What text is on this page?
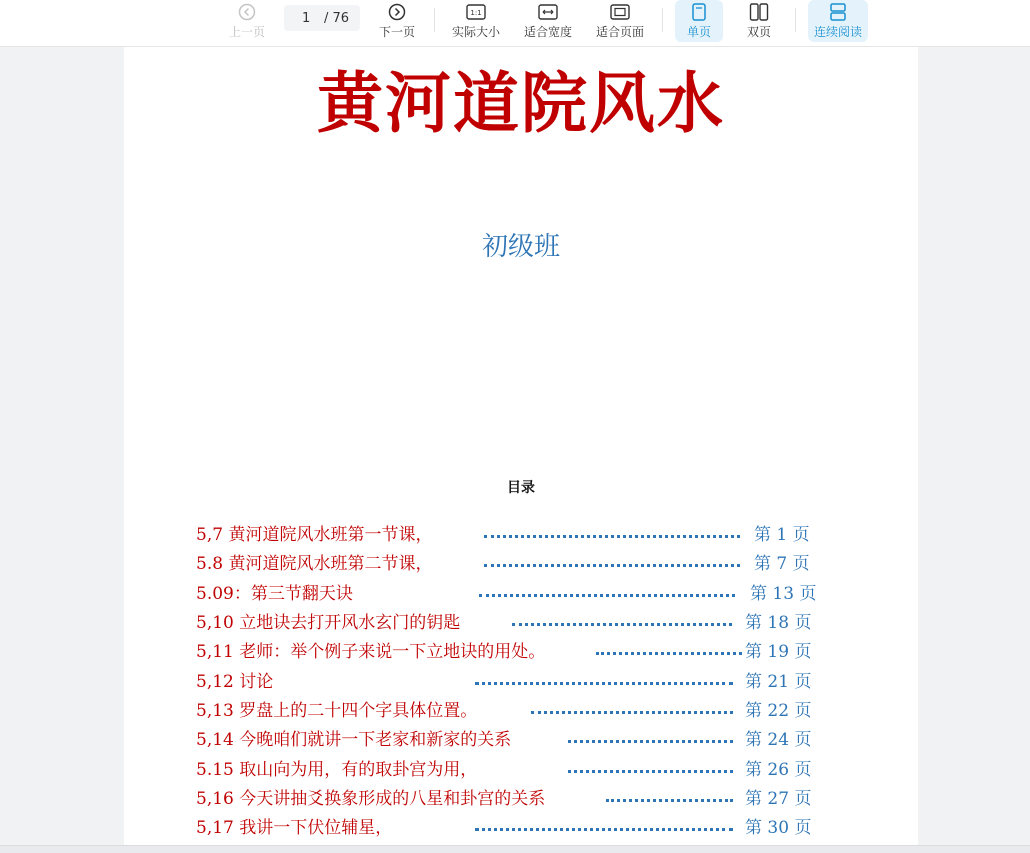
上一页
1	/ 76
下一页
1:1
实际大小 适合宽度 适合页面	单页	双页	连续阅读
黄河道院风水
初级班
目录
5,7 黄河道院风水班第一节课，	第 1 页
5.8 黄河道院风水班第二节课，	第 7 页
5.09：第三节翻天诀	第 13 页
5,10 立地诀去打开风水玄门的钥匙	第 18 页
5,11 老师：举个例子来说一下立地诀的用处。	第 19 页
5,12 讨论	第 21 页
5,13 罗盘上的二十四个字具体位置。	第 22 页
5,14 今晚咱们就讲一下老家和新家的关系	第 24 页
5.15 取山向为用，有的取卦宫为用，	第 26 页
5,16 今天讲抽爻换象形成的八星和卦宫的关系	第 27 页
5,17 我讲一下伏位辅星，	第 30 页
